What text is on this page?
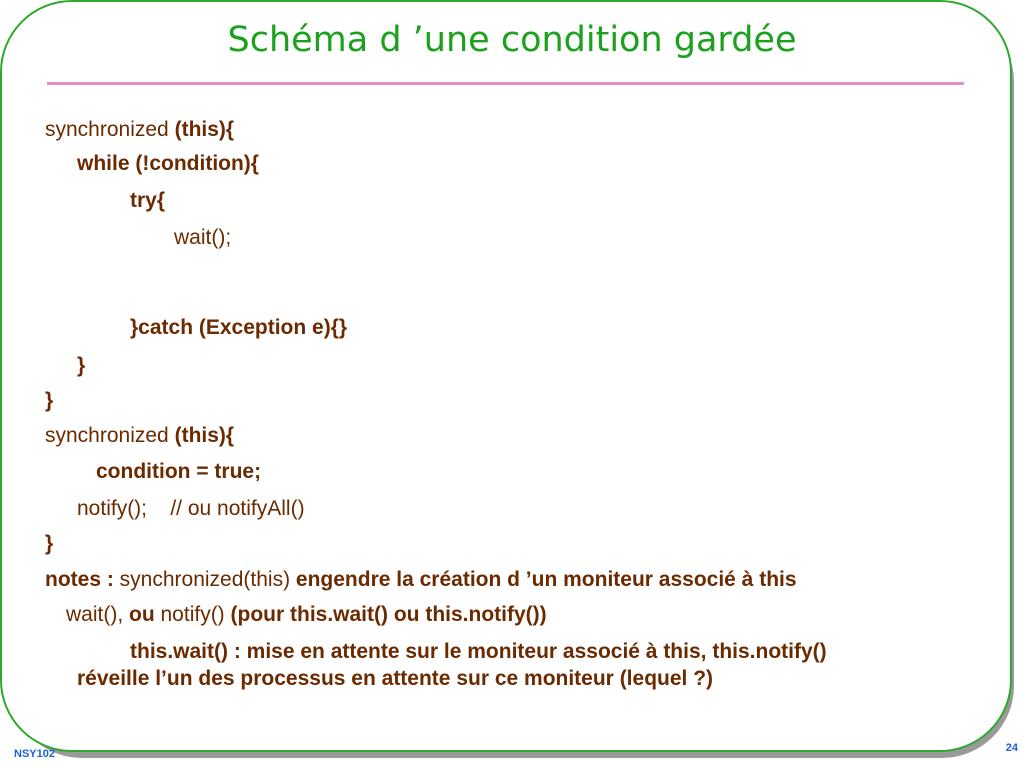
Schéma d ’une condition gardée
synchronized (this){
while (!condition){
try{
wait();
}catch (Exception e){}
}
}
synchronized (this){
condition = true;
notify();    // ou notifyAll()
}
notes : synchronized(this) engendre la création d ’un moniteur associé à this
wait(), ou notify() (pour this.wait() ou this.notify())
this.wait() : mise en attente sur le moniteur associé à this, this.notify()
réveille l’un des processus en attente sur ce moniteur (lequel ?)
NSY102	24
